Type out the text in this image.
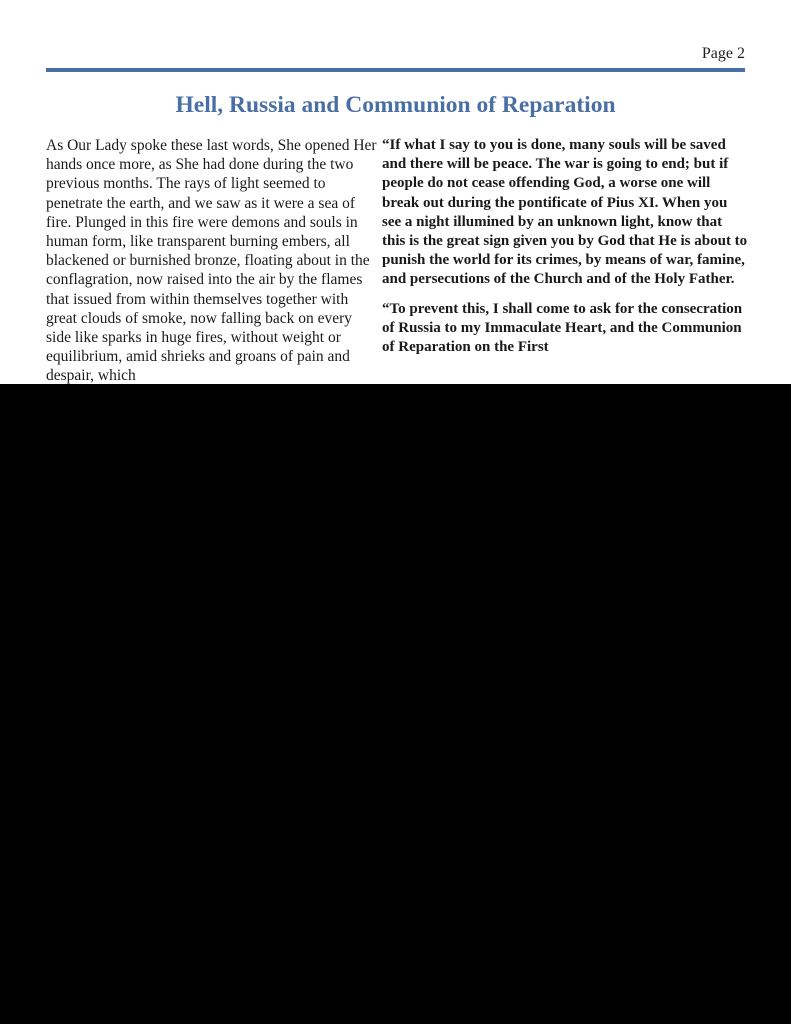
Page 2
Hell, Russia and Communion of Reparation

As Our Lady spoke these last words, She opened Her hands once more, as She had done during the two previous months. The rays of light seemed to penetrate the earth, and we saw as it were a sea of fire. Plunged in this fire were demons and souls in human form, like transparent burning embers, all blackened or burnished bronze, floating about in the conflagration, now raised into the air by the flames that issued from within themselves together with great clouds of smoke, now falling back on every side like sparks in huge fires, without weight or equilibrium, amid shrieks and groans of pain and despair, which

“If what I say to you is done, many souls will be saved and there will be peace. The war is going to end; but if people do not cease offending God, a worse one will break out during the pontificate of Pius XI. When you see a night illumined by an unknown light, know that this is the great sign given you by God that He is about to punish the world for its crimes, by means of war, famine, and persecutions of the Church and of the Holy Father.

“To prevent this, I shall come to ask for the consecration of Russia to my Immaculate Heart, and the Communion of Reparation on the First
